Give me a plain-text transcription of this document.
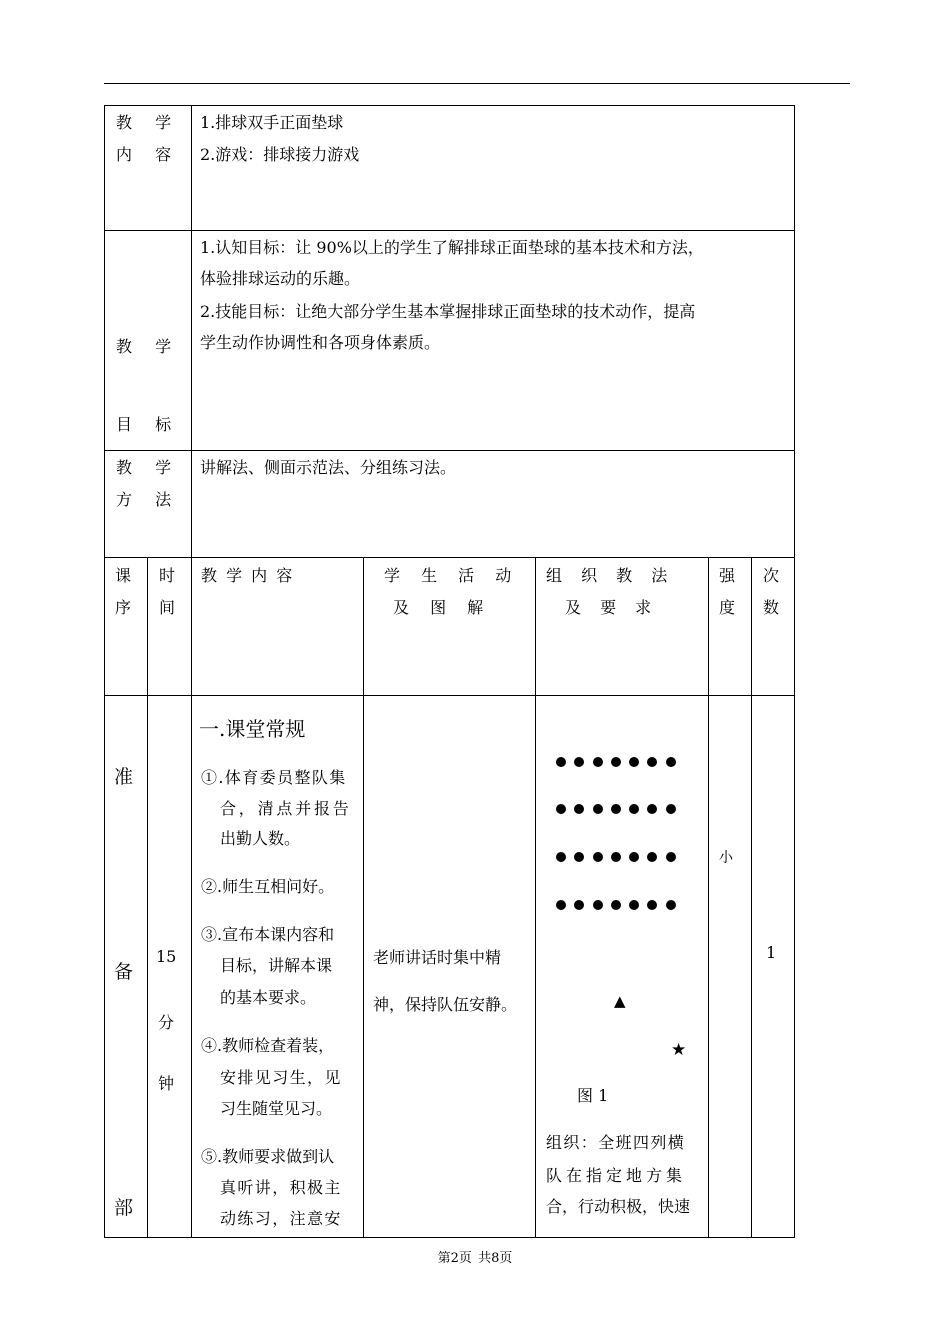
教 学
内 容
1.排球双手正面垫球
2.游戏：排球接力游戏
教 学
目 标
1.认知目标：让 90%以上的学生了解排球正面垫球的基本技术和方法，
体验排球运动的乐趣。
2.技能目标：让绝大部分学生基本掌握排球正面垫球的技术动作，提高
学生动作协调性和各项身体素质。
教 学
方 法
讲解法、侧面示范法、分组练习法。
课
序
时
间
教 学 内 容	学 生 活 动
及 图 解
组 织 教 法
及 要 求
强
度
次
数
准
备
部
15
分
钟
一.课堂常规
①.体育委员整队集
合，清点并报告
出勤人数。
②.师生互相问好。
③.宣布本课内容和
目标，讲解本课
的基本要求。
④.教师检查着装，
安排见习生，见
习生随堂见习。
⑤.教师要求做到认
真听讲，积极主
动练习，注意安
老师讲话时集中精
神，保持队伍安静。	▲
★
图 1
组织：全班四列横
队在指定地方集
合，行动积极，快速
小
1
第2页 共8页
